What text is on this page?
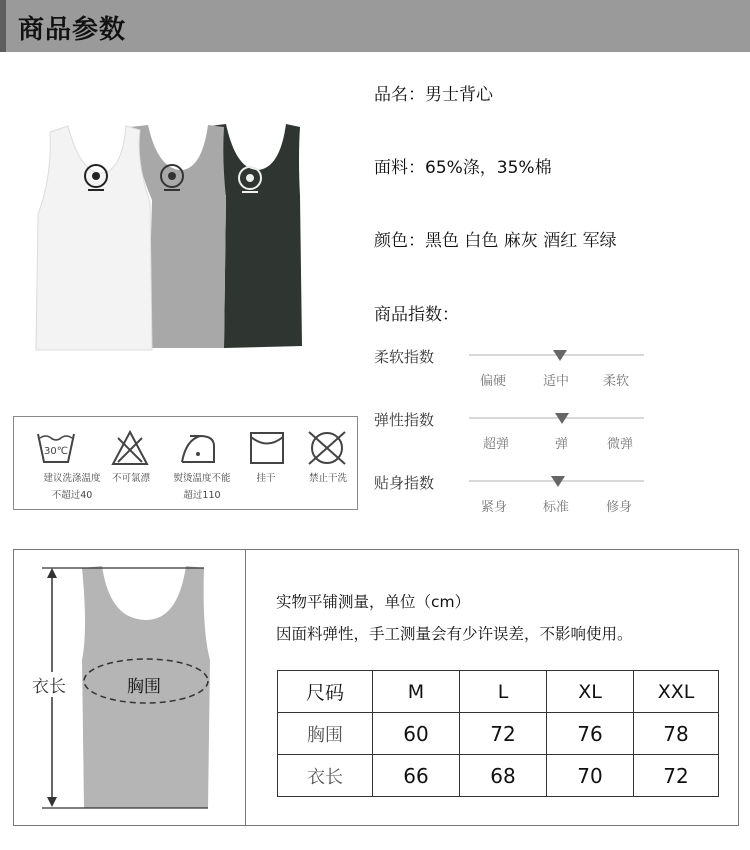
商品参数
品名：男士背心
面料：65%涤，35%棉
颜色：黑色 白色 麻灰 酒红 军绿
商品指数：
柔软指数
偏硬	适中	柔软
弹性指数
超弹	弹	微弹
贴身指数
紧身	标准	修身
30℃
建议洗涤温度
不超过40
不可氯漂	熨烫温度不能
超过110
挂干	禁止干洗
衣长	胸围
实物平铺测量，单位（cm）
因面料弹性，手工测量会有少许误差，不影响使用。
尺码	M	L	XL	XXL
胸围	60	72	76	78
衣长	66	68	70	72
